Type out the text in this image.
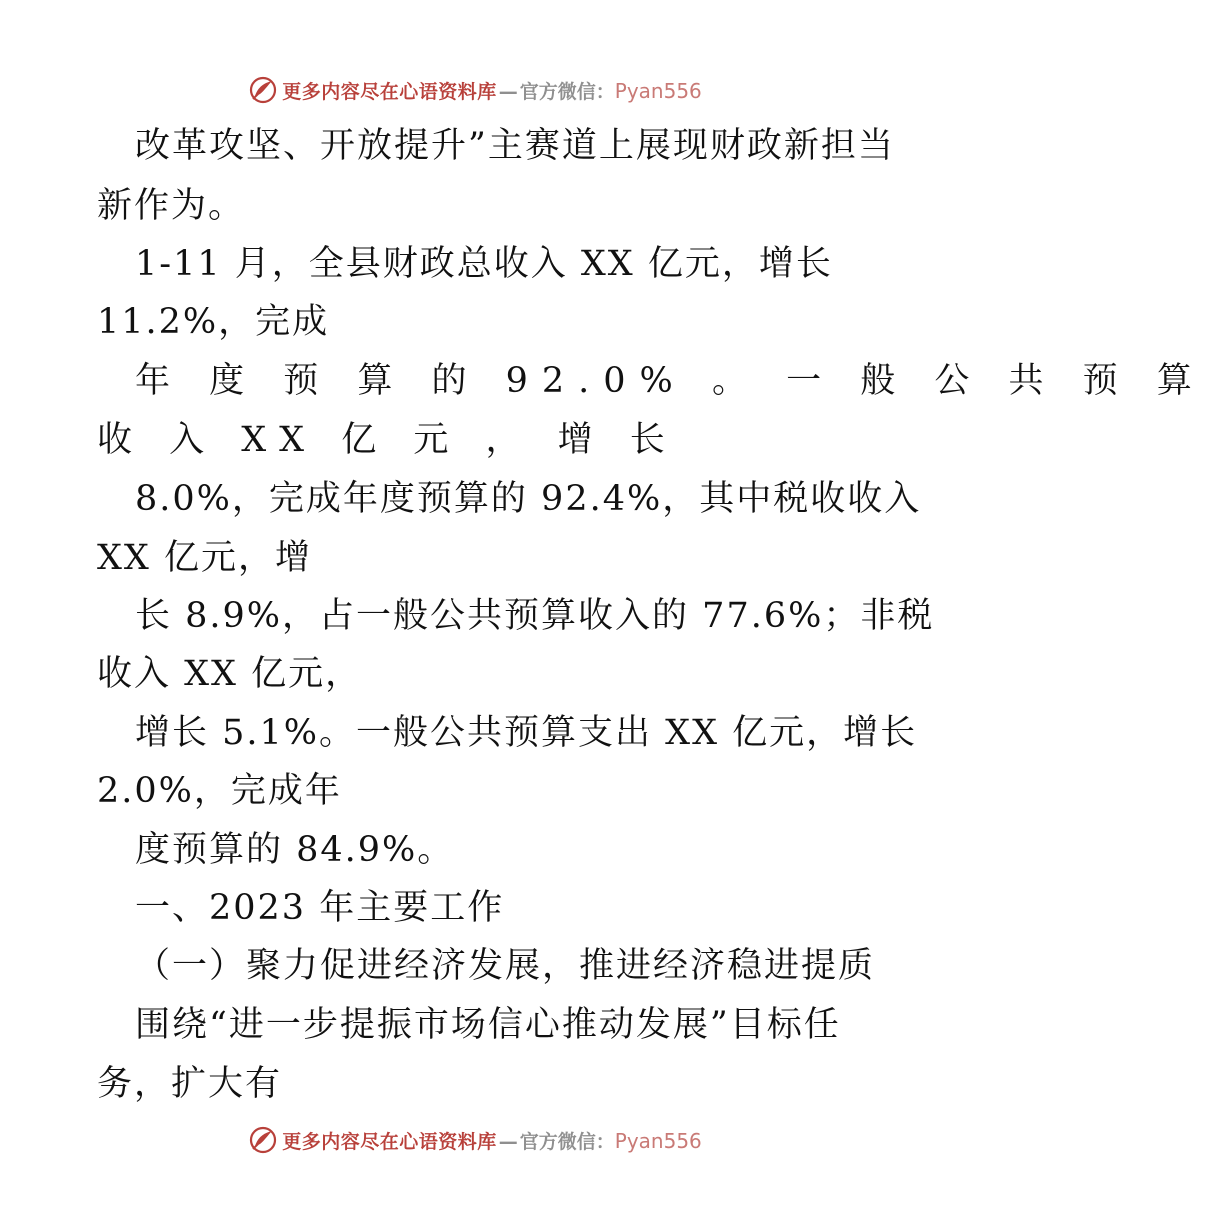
更多内容尽在心语资料库 — 官方微信：Pyan556
改革攻坚、开放提升”主赛道上展现财政新担当
新作为。
1-11 月，全县财政总收入 XX 亿元，增长
11.2%，完成
年 度 预 算 的 92.0% 。 一 般 公 共 预 算
收 入 XX 亿 元 ， 增 长
8.0%，完成年度预算的 92.4%，其中税收收入
XX 亿元，增
长 8.9%，占一般公共预算收入的 77.6%；非税
收入 XX 亿元，
增长 5.1%。一般公共预算支出 XX 亿元，增长
2.0%，完成年
度预算的 84.9%。
一、2023 年主要工作
（一）聚力促进经济发展，推进经济稳进提质
围绕“进一步提振市场信心推动发展”目标任
务，扩大有
更多内容尽在心语资料库 — 官方微信：Pyan556
